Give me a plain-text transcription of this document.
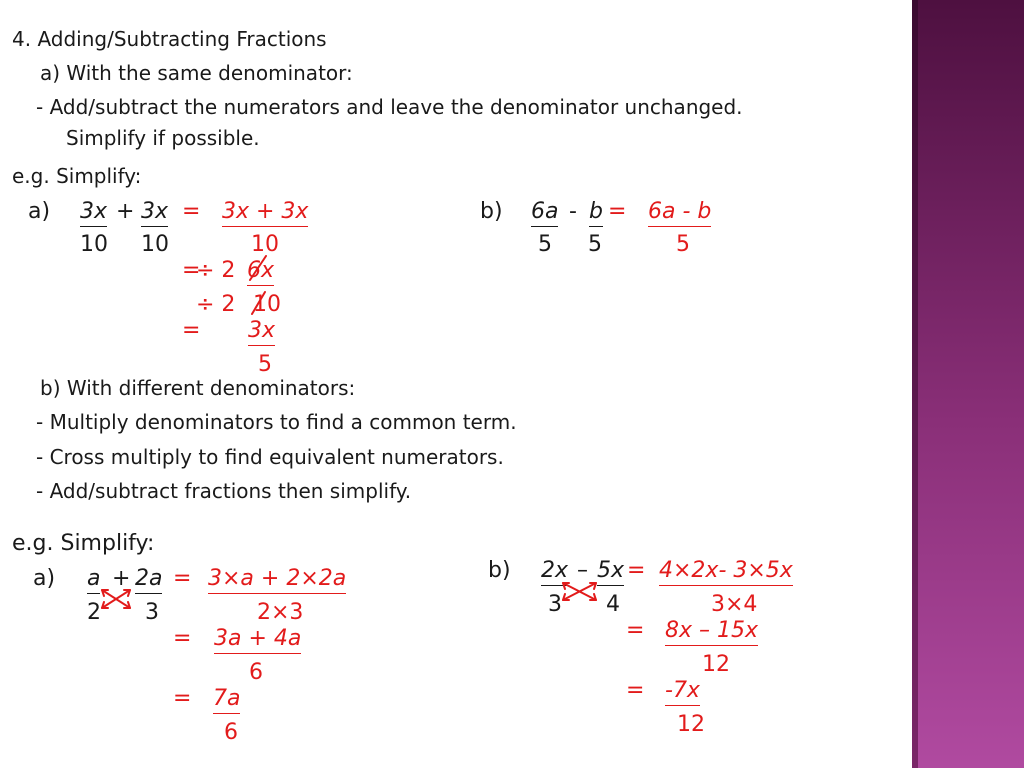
4. Adding/Subtracting Fractions
a) With the same denominator:
- Add/subtract the numerators and leave the denominator unchanged.
Simplify if possible.
e.g. Simplify:
a) 3x
10
+ 3x
10
= 3x + 3x
10
=
÷ 2 6x
÷ 2 10
= 3x
5
b) 6a
5
- b
5
= 6a - b
5
b) With different denominators:
- Multiply denominators to find a common term.
- Cross multiply to find equivalent numerators.
- Add/subtract fractions then simplify.
e.g. Simplify:
a) a
2
+ 2a
3
= 3×a + 2×2a
2×3
= 3a + 4a
6
= 7a
6
b) 2x
3
– 5x
4
= 4×2x- 3×5x
3×4
= 8x – 15x
12
= -7x
12
